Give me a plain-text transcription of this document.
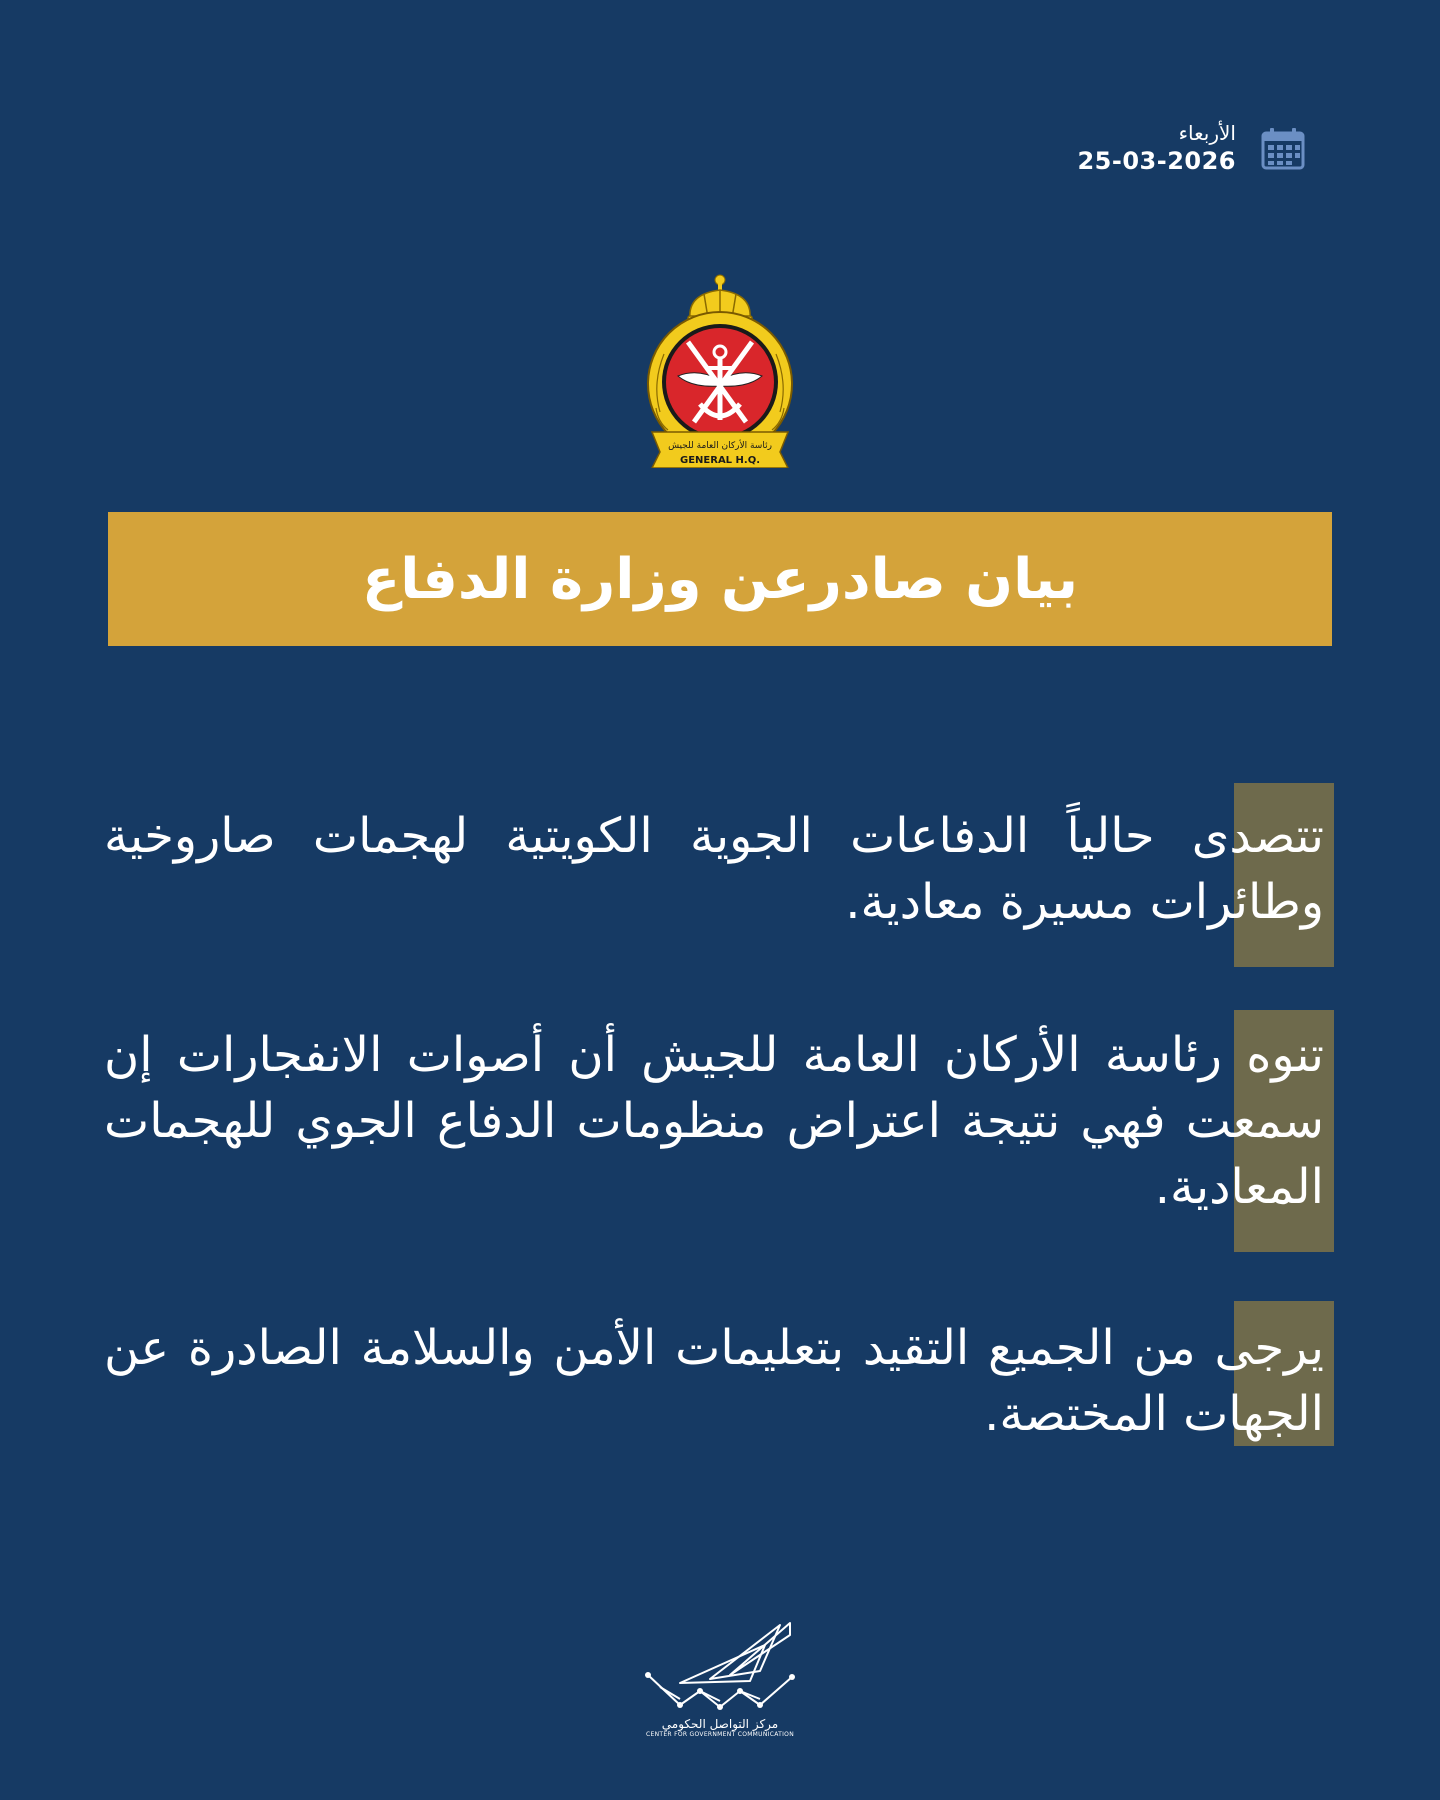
الأربعاء
25-03-2026
رئاسة الأركان العامة للجيش
GENERAL H.Q.
بيان صادرعن وزارة الدفاع
تتصدى حالياً الدفاعات الجوية الكويتية لهجمات صاروخية وطائرات مسيرة معادية.
تنوه رئاسة الأركان العامة للجيش أن أصوات الانفجارات إن سمعت فهي نتيجة اعتراض منظومات الدفاع الجوي للهجمات المعادية.
يرجى من الجميع التقيد بتعليمات الأمن والسلامة الصادرة عن الجهات المختصة.
مركز التواصل الحكومي
CENTER FOR GOVERNMENT COMMUNICATION
